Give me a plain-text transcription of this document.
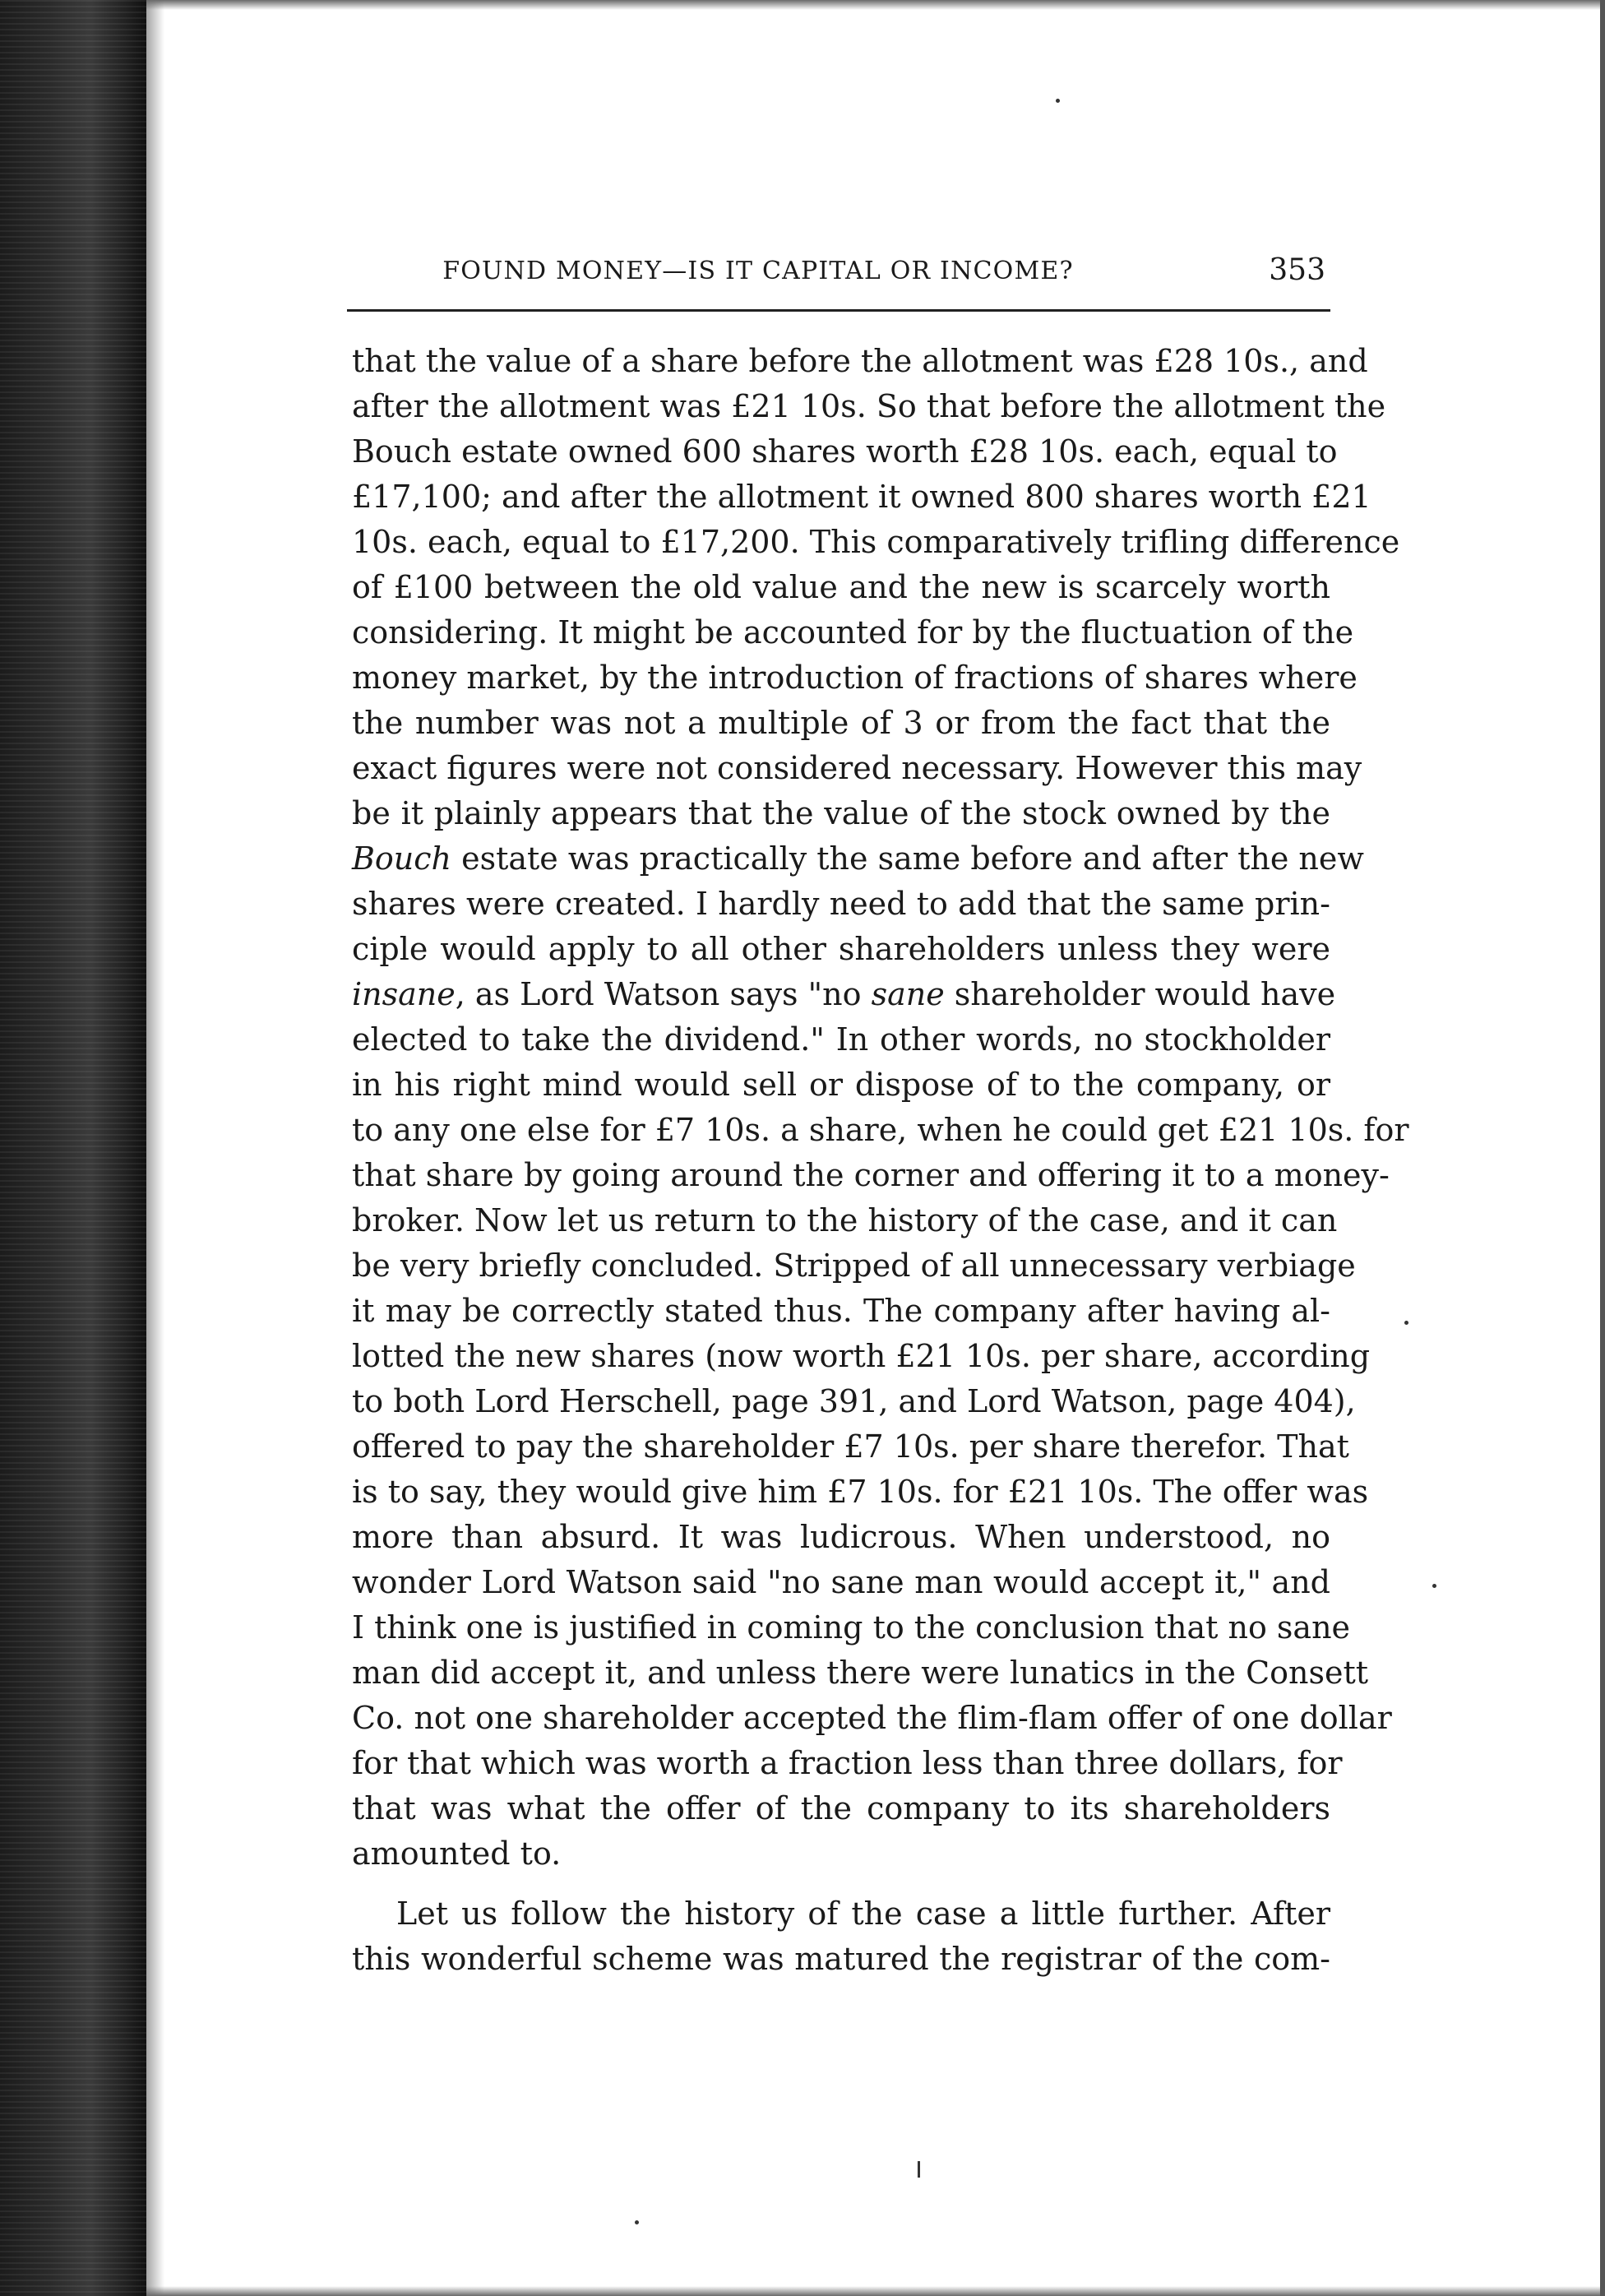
FOUND MONEY—IS IT CAPITAL OR INCOME?	353
that the value of a share before the allotment was £28 10s., and
after the allotment was £21 10s. So that before the allotment the
Bouch estate owned 600 shares worth £28 10s. each, equal to
£17,100; and after the allotment it owned 800 shares worth £21
10s. each, equal to £17,200. This comparatively trifling difference
of £100 between the old value and the new is scarcely worth
considering. It might be accounted for by the fluctuation of the
money market, by the introduction of fractions of shares where
the number was not a multiple of 3 or from the fact that the
exact figures were not considered necessary. However this may
be it plainly appears that the value of the stock owned by the
Bouch estate was practically the same before and after the new
shares were created. I hardly need to add that the same prin-
ciple would apply to all other shareholders unless they were
insane, as Lord Watson says "no sane shareholder would have
elected to take the dividend." In other words, no stockholder
in his right mind would sell or dispose of to the company, or
to any one else for £7 10s. a share, when he could get £21 10s. for
that share by going around the corner and offering it to a money-
broker. Now let us return to the history of the case, and it can
be very briefly concluded. Stripped of all unnecessary verbiage
it may be correctly stated thus. The company after having al-
lotted the new shares (now worth £21 10s. per share, according
to both Lord Herschell, page 391, and Lord Watson, page 404),
offered to pay the shareholder £7 10s. per share therefor. That
is to say, they would give him £7 10s. for £21 10s. The offer was
more than absurd. It was ludicrous. When understood, no
wonder Lord Watson said "no sane man would accept it," and
I think one is justified in coming to the conclusion that no sane
man did accept it, and unless there were lunatics in the Consett
Co. not one shareholder accepted the flim-flam offer of one dollar
for that which was worth a fraction less than three dollars, for
that was what the offer of the company to its shareholders
amounted to.
Let us follow the history of the case a little further. After
this wonderful scheme was matured the registrar of the com-
